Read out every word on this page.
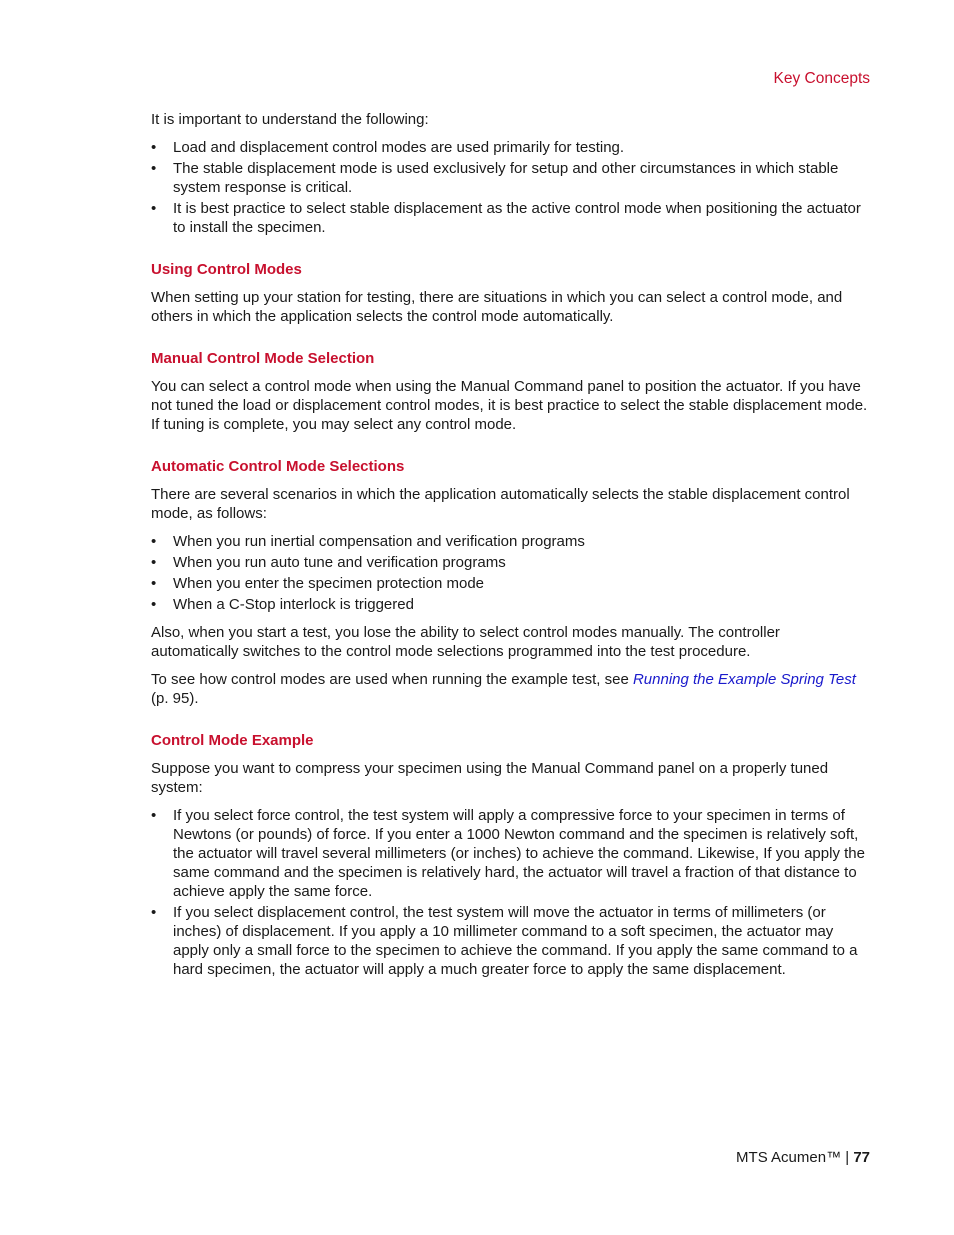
Key Concepts

It is important to understand the following:

• Load and displacement control modes are used primarily for testing.
• The stable displacement mode is used exclusively for setup and other circumstances in which stable system response is critical.
• It is best practice to select stable displacement as the active control mode when positioning the actuator to install the specimen.
Using Control Modes

When setting up your station for testing, there are situations in which you can select a control mode, and others in which the application selects the control mode automatically.

Manual Control Mode Selection

You can select a control mode when using the Manual Command panel to position the actuator. If you have not tuned the load or displacement control modes, it is best practice to select the stable displacement mode. If tuning is complete, you may select any control mode.

Automatic Control Mode Selections

There are several scenarios in which the application automatically selects the stable displacement control mode, as follows:

• When you run inertial compensation and verification programs
• When you run auto tune and verification programs
• When you enter the specimen protection mode
• When a C-Stop interlock is triggered

Also, when you start a test, you lose the ability to select control modes manually. The controller automatically switches to the control mode selections programmed into the test procedure.

To see how control modes are used when running the example test, see Running the Example Spring Test (p. 95).

Control Mode Example

Suppose you want to compress your specimen using the Manual Command panel on a properly tuned system:

• If you select force control, the test system will apply a compressive force to your specimen in terms of Newtons (or pounds) of force. If you enter a 1000 Newton command and the specimen is relatively soft, the actuator will travel several millimeters (or inches) to achieve the command. Likewise, If you apply the same command and the specimen is relatively hard, the actuator will travel a fraction of that distance to achieve apply the same force.
• If you select displacement control, the test system will move the actuator in terms of millimeters (or inches) of displacement. If you apply a 10 millimeter command to a soft specimen, the actuator may apply only a small force to the specimen to achieve the command. If you apply the same command to a hard specimen, the actuator will apply a much greater force to apply the same displacement.
MTS Acumen™ | 77
